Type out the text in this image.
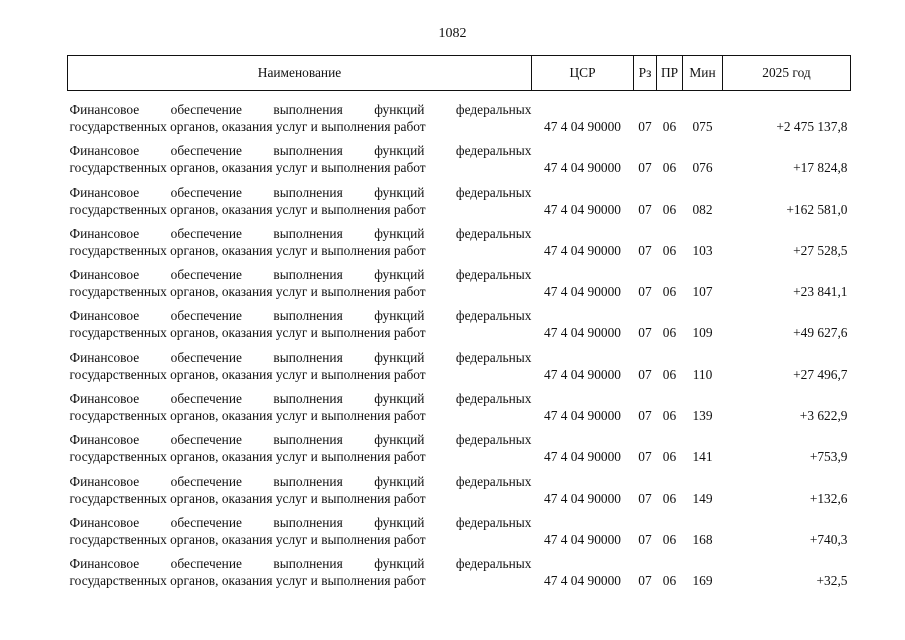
1082
Наименование	ЦСР	Рз	ПР	Мин	2025 год

Финансовое обеспечение выполнения функций федеральных
государственных органов, оказания услуг и выполнения работ	47 4 04 90000	07	06	075	+2 475 137,8

Финансовое обеспечение выполнения функций федеральных
государственных органов, оказания услуг и выполнения работ	47 4 04 90000	07	06	076	+17 824,8

Финансовое обеспечение выполнения функций федеральных
государственных органов, оказания услуг и выполнения работ	47 4 04 90000	07	06	082	+162 581,0

Финансовое обеспечение выполнения функций федеральных
государственных органов, оказания услуг и выполнения работ	47 4 04 90000	07	06	103	+27 528,5

Финансовое обеспечение выполнения функций федеральных
государственных органов, оказания услуг и выполнения работ	47 4 04 90000	07	06	107	+23 841,1

Финансовое обеспечение выполнения функций федеральных
государственных органов, оказания услуг и выполнения работ	47 4 04 90000	07	06	109	+49 627,6

Финансовое обеспечение выполнения функций федеральных
государственных органов, оказания услуг и выполнения работ	47 4 04 90000	07	06	110	+27 496,7

Финансовое обеспечение выполнения функций федеральных
государственных органов, оказания услуг и выполнения работ	47 4 04 90000	07	06	139	+3 622,9

Финансовое обеспечение выполнения функций федеральных
государственных органов, оказания услуг и выполнения работ	47 4 04 90000	07	06	141	+753,9

Финансовое обеспечение выполнения функций федеральных
государственных органов, оказания услуг и выполнения работ	47 4 04 90000	07	06	149	+132,6

Финансовое обеспечение выполнения функций федеральных
государственных органов, оказания услуг и выполнения работ	47 4 04 90000	07	06	168	+740,3

Финансовое обеспечение выполнения функций федеральных
государственных органов, оказания услуг и выполнения работ	47 4 04 90000	07	06	169	+32,5
